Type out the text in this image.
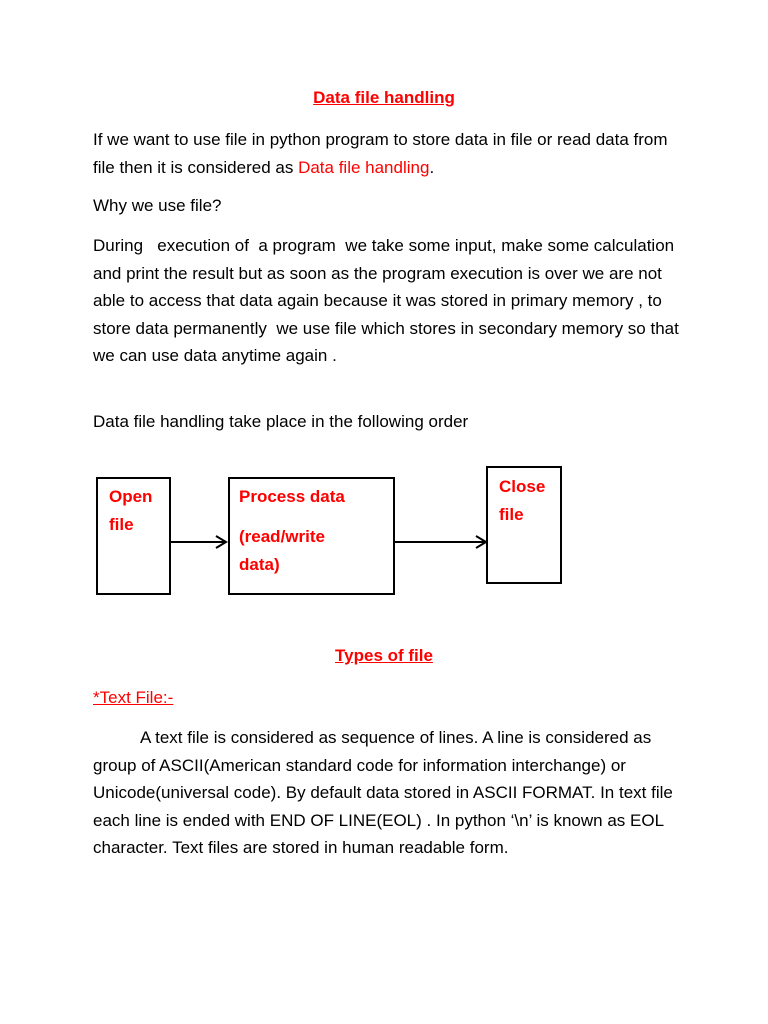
Data file handling
If we want to use file in python program to store data in file or read data from file then it is considered as Data file handling.
Why we use file?
During   execution of  a program  we take some input, make some calculation and print the result but as soon as the program execution is over we are not able to access that data again because it was stored in primary memory , to store data permanently  we use file which stores in secondary memory so that we can use data anytime again .
Data file handling take place in the following order
Open
file
Process data
(read/write
data)
Close
file
Types of file
*Text File:-
A text file is considered as sequence of lines. A line is considered as group of ASCII(American standard code for information interchange) or Unicode(universal code). By default data stored in ASCII FORMAT. In text file each line is ended with END OF LINE(EOL) . In python ‘\n’ is known as EOL character. Text files are stored in human readable form.
